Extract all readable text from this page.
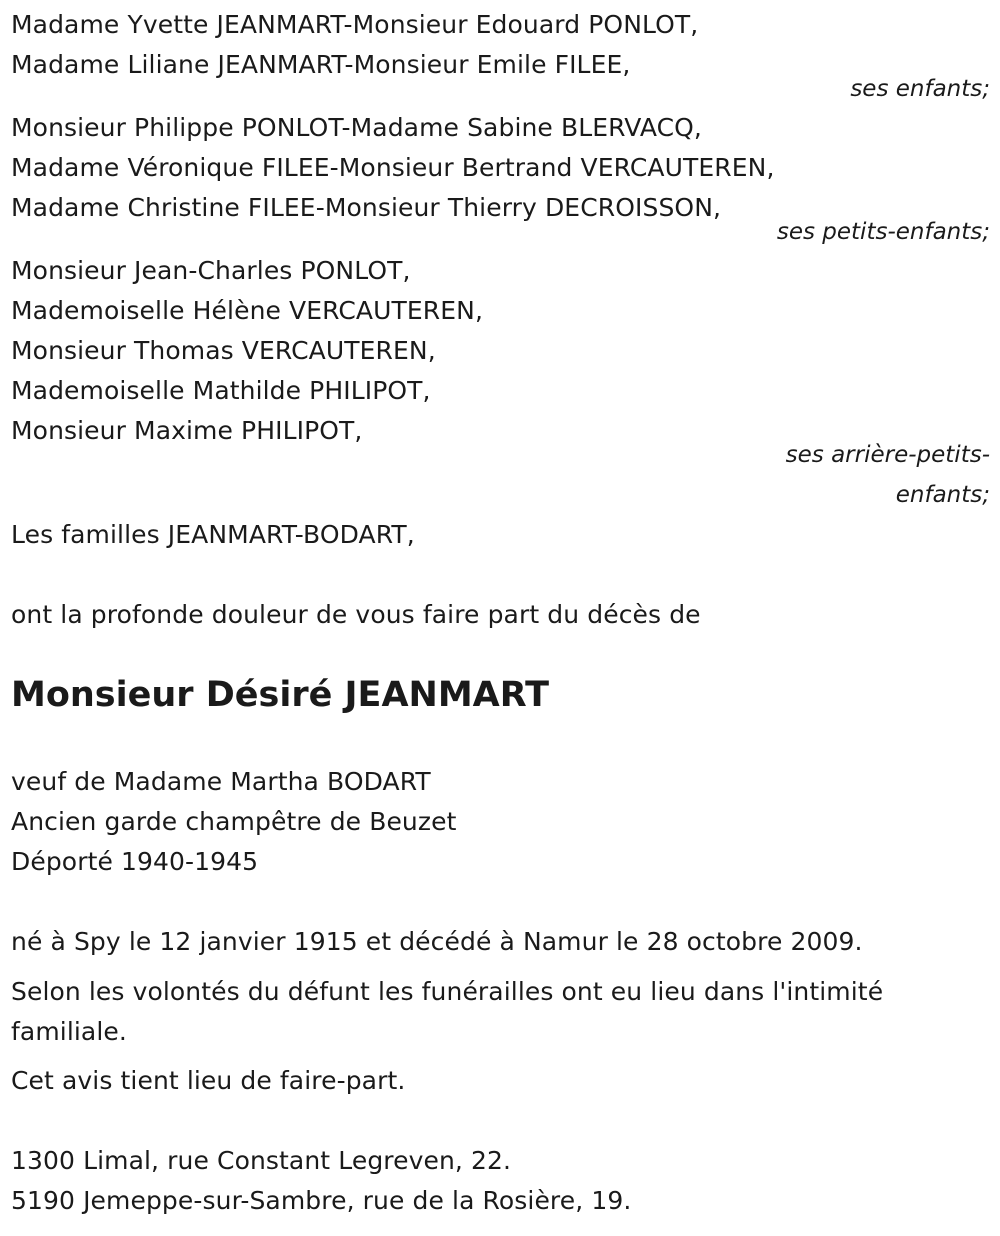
Madame Yvette JEANMART-Monsieur Edouard PONLOT,
Madame Liliane JEANMART-Monsieur Emile FILEE,
ses enfants;
Monsieur Philippe PONLOT-Madame Sabine BLERVACQ,
Madame Véronique FILEE-Monsieur Bertrand VERCAUTEREN,
Madame Christine FILEE-Monsieur Thierry DECROISSON,
ses petits-enfants;
Monsieur Jean-Charles PONLOT,
Mademoiselle Hélène VERCAUTEREN,
Monsieur Thomas VERCAUTEREN,
Mademoiselle Mathilde PHILIPOT,
Monsieur Maxime PHILIPOT,
ses arrière-petits-
enfants;
Les familles JEANMART-BODART,
ont la profonde douleur de vous faire part du décès de
Monsieur Désiré JEANMART
veuf de Madame Martha BODART
Ancien garde champêtre de Beuzet
Déporté 1940-1945
né à Spy le 12 janvier 1915 et décédé à Namur le 28 octobre 2009.
Selon les volontés du défunt les funérailles ont eu lieu dans l'intimité
familiale.
Cet avis tient lieu de faire-part.
1300 Limal, rue Constant Legreven, 22.
5190 Jemeppe-sur-Sambre, rue de la Rosière, 19.
